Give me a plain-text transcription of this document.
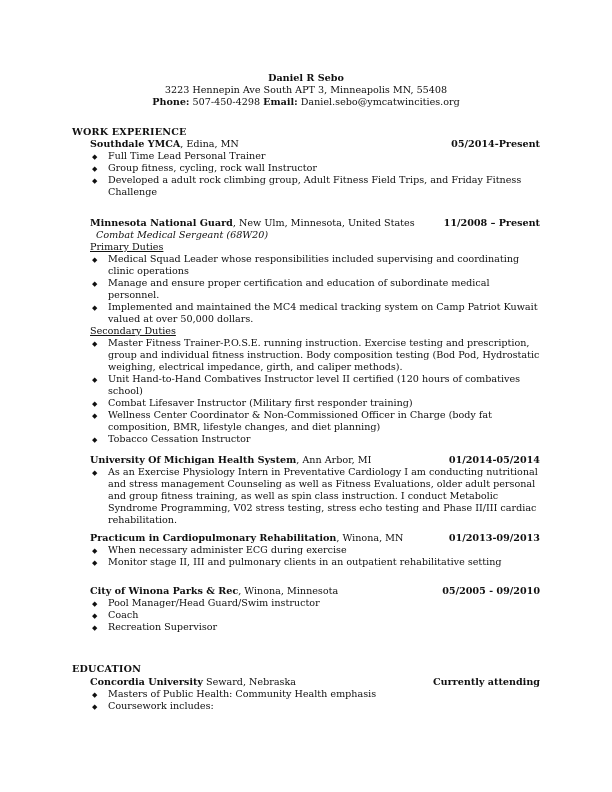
Daniel R Sebo
3223 Hennepin Ave South APT 3, Minneapolis MN, 55408
Phone: 507-450-4298 Email: Daniel.sebo@ymcatwincities.org
WORK EXPERIENCE
Southdale YMCA, Edina, MN	05/2014-Present
◆ Full Time Lead Personal Trainer
◆ Group fitness, cycling, rock wall Instructor
◆ Developed a adult rock climbing group, Adult Fitness Field Trips, and Friday Fitness Challenge
Minnesota National Guard, New Ulm, Minnesota, United States	11/2008 – Present
Combat Medical Sergeant (68W20)
Primary Duties
◆ Medical Squad Leader whose responsibilities included supervising and coordinating clinic operations
◆ Manage and ensure proper certification and education of subordinate medical personnel.
◆ Implemented and maintained the MC4 medical tracking system on Camp Patriot Kuwait valued at over 50,000 dollars.
Secondary Duties
◆ Master Fitness Trainer-P.O.S.E. running instruction. Exercise testing and prescription, group and individual fitness instruction. Body composition testing (Bod Pod, Hydrostatic weighing, electrical impedance, girth, and caliper methods).
◆ Unit Hand-to-Hand Combatives Instructor level II certified (120 hours of combatives school)
◆ Combat Lifesaver Instructor (Military first responder training)
◆ Wellness Center Coordinator & Non-Commissioned Officer in Charge (body fat composition, BMR, lifestyle changes, and diet planning)
◆ Tobacco Cessation Instructor
University Of Michigan Health System, Ann Arbor, MI	01/2014-05/2014
◆ As an Exercise Physiology Intern in Preventative Cardiology I am conducting nutritional and stress management Counseling as well as Fitness Evaluations, older adult personal and group fitness training, as well as spin class instruction. I conduct Metabolic Syndrome Programming, V02 stress testing, stress echo testing and Phase II/III cardiac rehabilitation.
Practicum in Cardiopulmonary Rehabilitation, Winona, MN	01/2013-09/2013
◆ When necessary administer ECG during exercise
◆ Monitor stage II, III and pulmonary clients in an outpatient rehabilitative setting
City of Winona Parks & Rec, Winona, Minnesota	05/2005 - 09/2010
◆ Pool Manager/Head Guard/Swim instructor
◆ Coach
◆ Recreation Supervisor
EDUCATION
Concordia University Seward, Nebraska	Currently attending
◆ Masters of Public Health: Community Health emphasis
◆ Coursework includes:
